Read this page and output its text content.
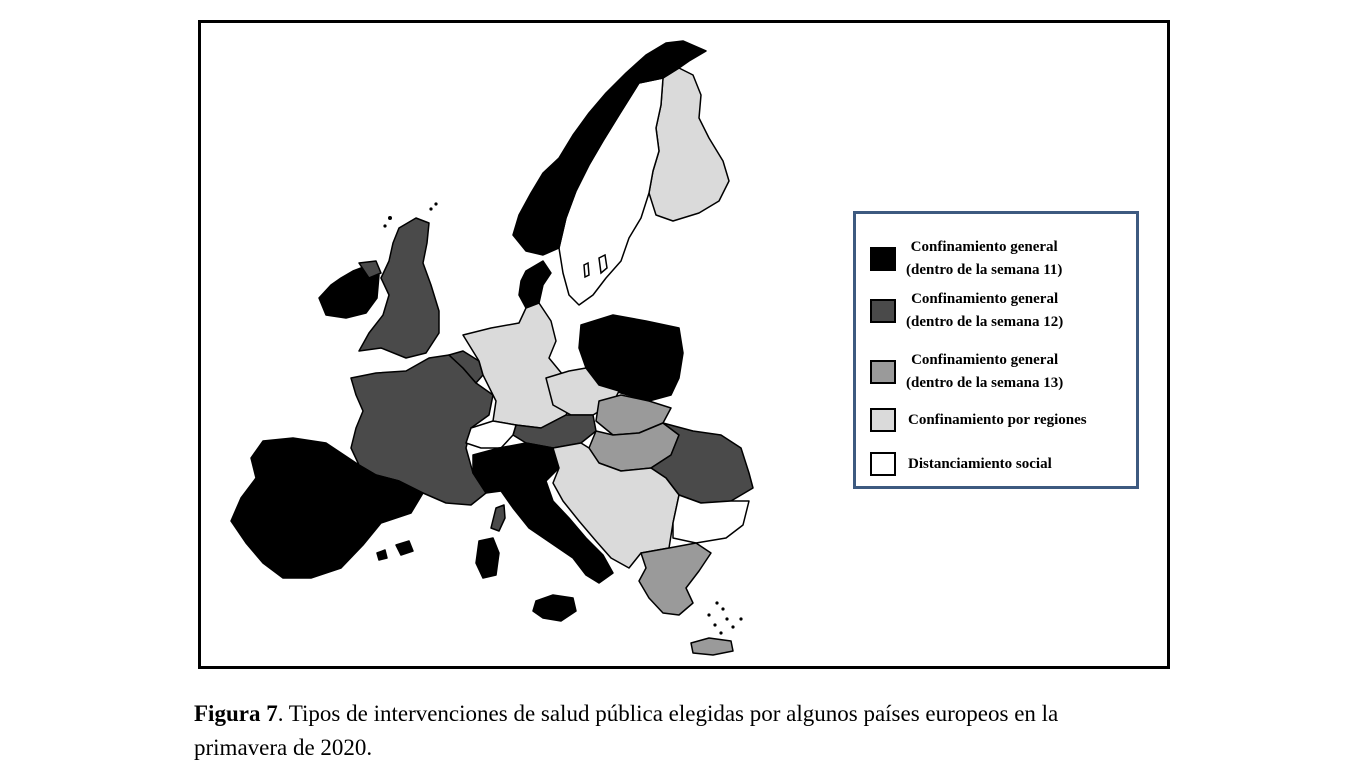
Confinamiento general
(dentro de la semana 11)
Confinamiento general
(dentro de la semana 12)
Confinamiento general
(dentro de la semana 13)
Confinamiento por regiones
Distanciamiento social
Figura 7. Tipos de intervenciones de salud pública elegidas por algunos países europeos en la primavera de 2020.
